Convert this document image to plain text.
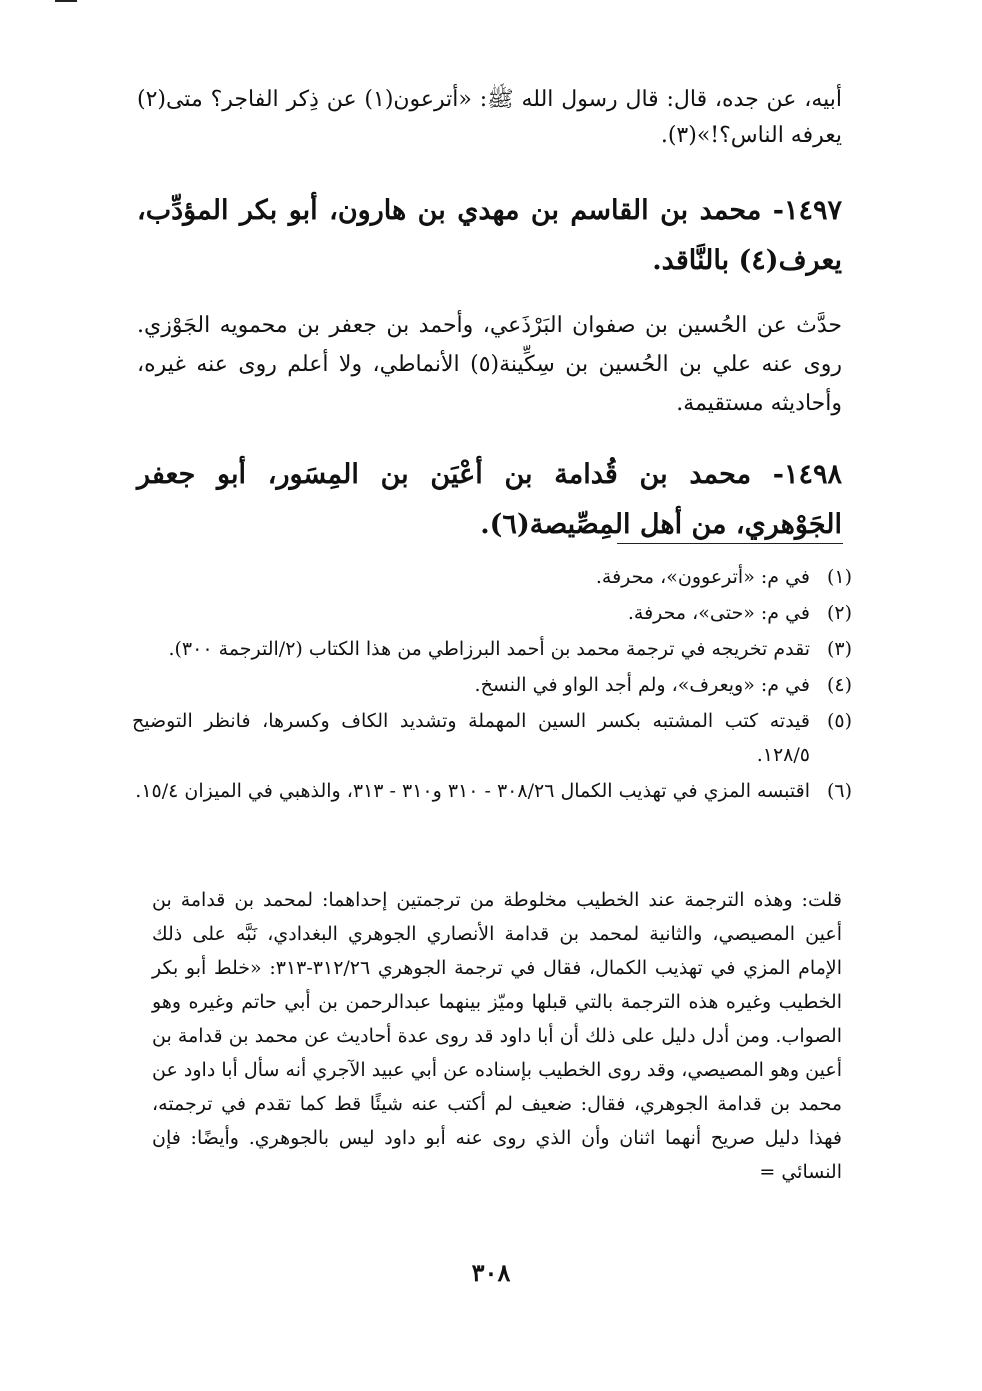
أبيه، عن جده، قال: قال رسول الله ﷺ: «أترعون(١) عن ذِكر الفاجر؟ متى(٢) يعرفه الناس؟!»(٣).

١٤٩٧- محمد بن القاسم بن مهدي بن هارون، أبو بكر المؤدِّب، يعرف(٤) بالنَّاقد.

حدَّث عن الحُسين بن صفوان البَرْذَعي، وأحمد بن جعفر بن محمويه الجَوْزي. روى عنه علي بن الحُسين بن سِكِّينة(٥) الأنماطي، ولا أعلم روى عنه غيره، وأحاديثه مستقيمة.

١٤٩٨- محمد بن قُدامة بن أعْيَن بن المِسَور، أبو جعفر الجَوْهري، من أهل المِصِّيصة(٦).

(١)
في م: «أترعوون»، محرفة.
(٢)
في م: «حتى»، محرفة.
(٣)
تقدم تخريجه في ترجمة محمد بن أحمد البرزاطي من هذا الكتاب (٢/الترجمة ٣٠٠).
(٤)
في م: «ويعرف»، ولم أجد الواو في النسخ.
(٥)
قيدته كتب المشتبه بكسر السين المهملة وتشديد الكاف وكسرها، فانظر التوضيح ١٢٨/٥.
(٦)
اقتبسه المزي في تهذيب الكمال ٣٠٨/٢٦ - ٣١٠ و٣١٠ - ٣١٣، والذهبي في الميزان ١٥/٤.

قلت: وهذه الترجمة عند الخطيب مخلوطة من ترجمتين إحداهما: لمحمد بن قدامة بن أعين المصيصي، والثانية لمحمد بن قدامة الأنصاري الجوهري البغدادي، نَبَّه على ذلك الإمام المزي في تهذيب الكمال، فقال في ترجمة الجوهري ٣١٢/٢٦-٣١٣: «خلط أبو بكر الخطيب وغيره هذه الترجمة بالتي قبلها وميّز بينهما عبدالرحمن بن أبي حاتم وغيره وهو الصواب. ومن أدل دليل على ذلك أن أبا داود قد روى عدة أحاديث عن محمد بن قدامة بن أعين وهو المصيصي، وقد روى الخطيب بإسناده عن أبي عبيد الآجري أنه سأل أبا داود عن محمد بن قدامة الجوهري، فقال: ضعيف لم أكتب عنه شيئًا قط كما تقدم في ترجمته، فهذا دليل صريح أنهما اثنان وأن الذي روى عنه أبو داود ليس بالجوهري. وأيضًا: فإن النسائي =

٣٠٨
